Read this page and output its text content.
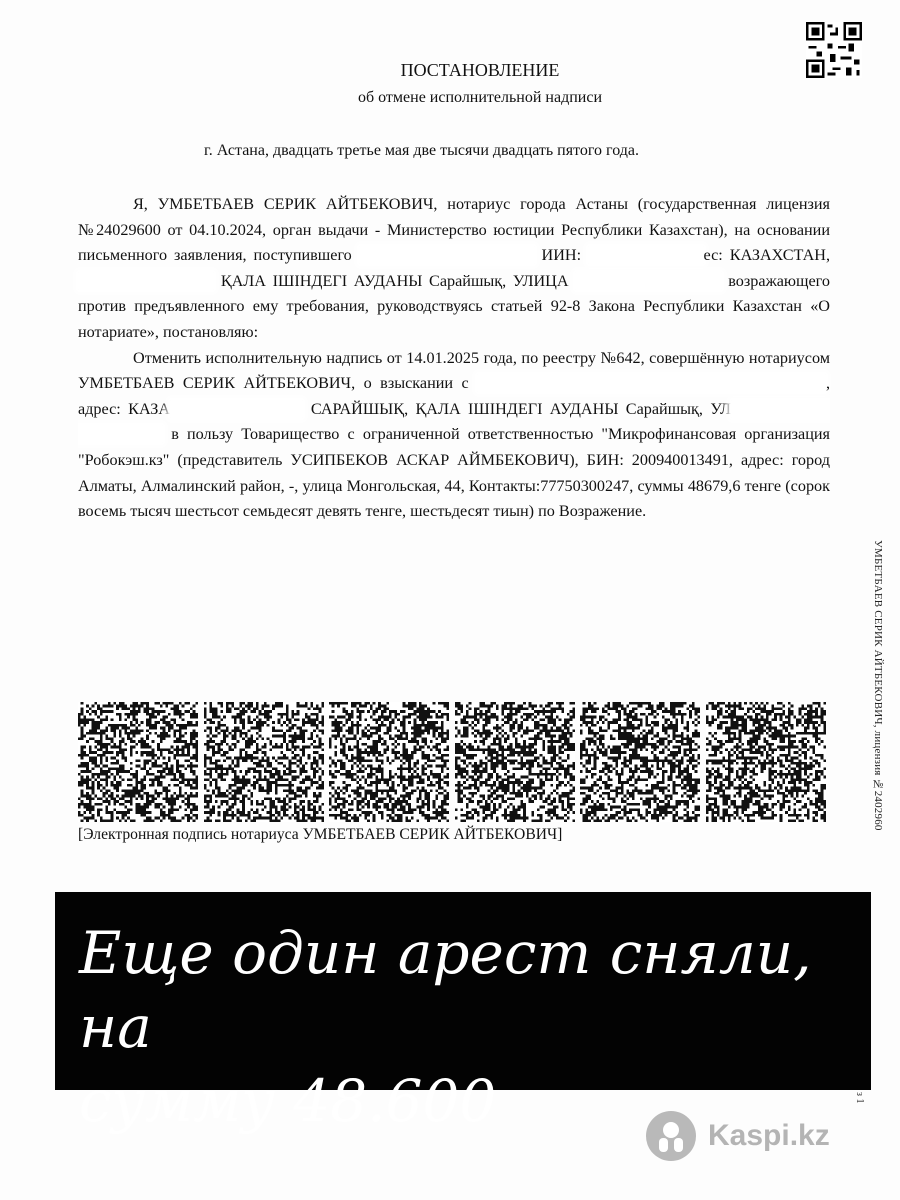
ПОСТАНОВЛЕНИЕ
об отмене исполнительной надписи
г. Астана, двадцать третье мая две тысячи двадцать пятого года.

Я, УМБЕТБАЕВ СЕРИК АЙТБЕКОВИЧ, нотариус города Астаны (государственная лицензия №24029600 от 04.10.2024, орган выдачи - Министерство юстиции Республики Казахстан), на основании письменного заявления, поступившего	ИИН:	ес: КАЗАХСТАН, ҚАЛА ІШІНДЕГІ АУДАНЫ Сарайшық, УЛИЦА	возражающего против предъявленного ему требования, руководствуясь статьей 92-8 Закона Республики Казахстан «О нотариате», постановляю:

Отменить исполнительную надпись от 14.01.2025 года, по реестру №642, совершённую нотариусом УМБЕТБАЕВ СЕРИК АЙТБЕКОВИЧ, о взыскании с	, адрес: КАЗА	САРАЙШЫҚ, ҚАЛА ІШІНДЕГІ АУДАНЫ Сарайшық, УЛ в пользу Товарищество с ограниченной ответственностью "Микрофинансовая организация "Робокэш.кз" (представитель УСИПБЕКОВ АСКАР АЙМБЕКОВИЧ), БИН: 200940013491, адрес: город Алматы, Алмалинский район, -, улица Монгольская, 44, Контакты:77750300247, суммы 48679,6 тенге (сорок восемь тысяч шестьсот семьдесят девять тенге, шестьдесят тиын) по Возражение.

УМБЕТБАЕВ СЕРИК АЙТБЕКОВИЧ, лицензия №2402960
[Электронная подпись нотариуса УМБЕТБАЕВ СЕРИК АЙТБЕКОВИЧ]
Еще один арест сняли, на
сумму 48.600	з 1
Kaspi.kz
